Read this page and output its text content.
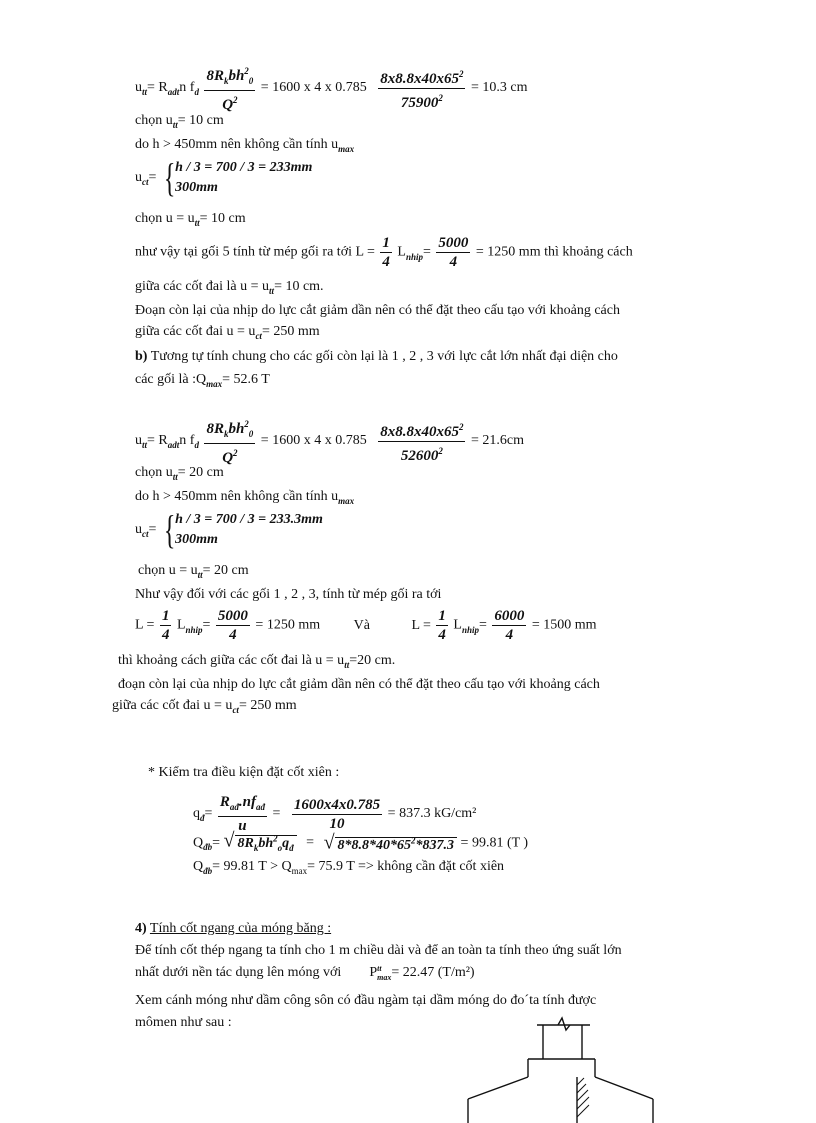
$u_{tt}= R_{adt}n$ $f_d \frac{8R_kbh^2_0}{Q^2} = 1600$ x 4 x $0.785 \frac{8x8.8x40x65^2}{75900^2} = 10.3$ cm
chọn $u_{tt}= 10$ cm
do h > 450mm nên không cần tính $u_{max}$
$u_{ct}=$ { h / 3 = 700 / 3 = 233mm
300mm
chọn $u = u_{tt}= 10$ cm
như vậy tại gối 5 tính từ mép gối ra tới $L = \frac{1}{4} L_{nhip}= \frac{5000}{4} = 1250$ mm thì khoảng cách
giữa các cốt đai là $u = u_{tt}= 10$ cm.
Đoạn còn lại của nhịp do lực cắt giảm dần nên có thể đặt theo cấu tạo với khoảng cách
giữa các cốt đai $u = u_{ct}= 250$ mm
b) Tương tự tính chung cho các gối còn lại là 1 , 2 , 3 với lực cắt lớn nhất đại diện cho
các gối là $:Q_{max}= 52.6$ T
$u_{tt}= R_{adt}n$ $f_d \frac{8R_kbh^2_0}{Q^2} = 1600$ x 4 x $0.785 \frac{8x8.8x40x65^2}{52600^2} = 21.6cm$
chọn $u_{tt}= 20$ cm
do h > 450mm nên không cần tính $u_{max}$
$u_{ct}=$ { h / 3 = 700 / 3 = 233.3mm
300mm
chọn $u = u_{tt}= 20$ cm
Như vậy đối với các gối 1 , 2 , 3, tính từ mép gối ra tới
$L = \frac{1}{4} L_{nhip}= \frac{5000}{4} = 1250$ mm Và	$L = \frac{1}{4} L_{nhip}= \frac{6000}{4} = 1500$ mm
thì khoảng cách giữa các cốt đai là $u = u_{tt}=20$ cm.
đoạn còn lại của nhịp do lực cắt giảm dần nên có thể đặt theo cấu tạo với khoảng cách
giữa các cốt đai $u = u_{ct}= 250$ mm
* Kiểm tra điều kiện đặt cốt xiên :
$q_đ= \frac{R_{ađ}.nf_{ađ}}{u} = \frac{1600x4x0.785}{10} = 837.3$ kG/cm²
$Q_{đb}=$ √ $8R_kbh^2_oq_đ$ = √ $8*8.8*40*65^2*837.3 = 99.81$ (T )
$Q_{đb}= 99.81$ $T > Q_{max}= 75.9$ T => không cần đặt cốt xiên
4) Tính cốt ngang của móng băng :
Để tính cốt thép ngang ta tính cho 1 m chiều dài và để an toàn ta tính theo ứng suất lớn
nhất dưới nền tác dụng lên móng với P tt
max = 22.47 (T/m²)
Xem cánh móng như dầm công sôn có đầu ngàm tại dầm móng do đo´ta tính được
mômen như sau :
